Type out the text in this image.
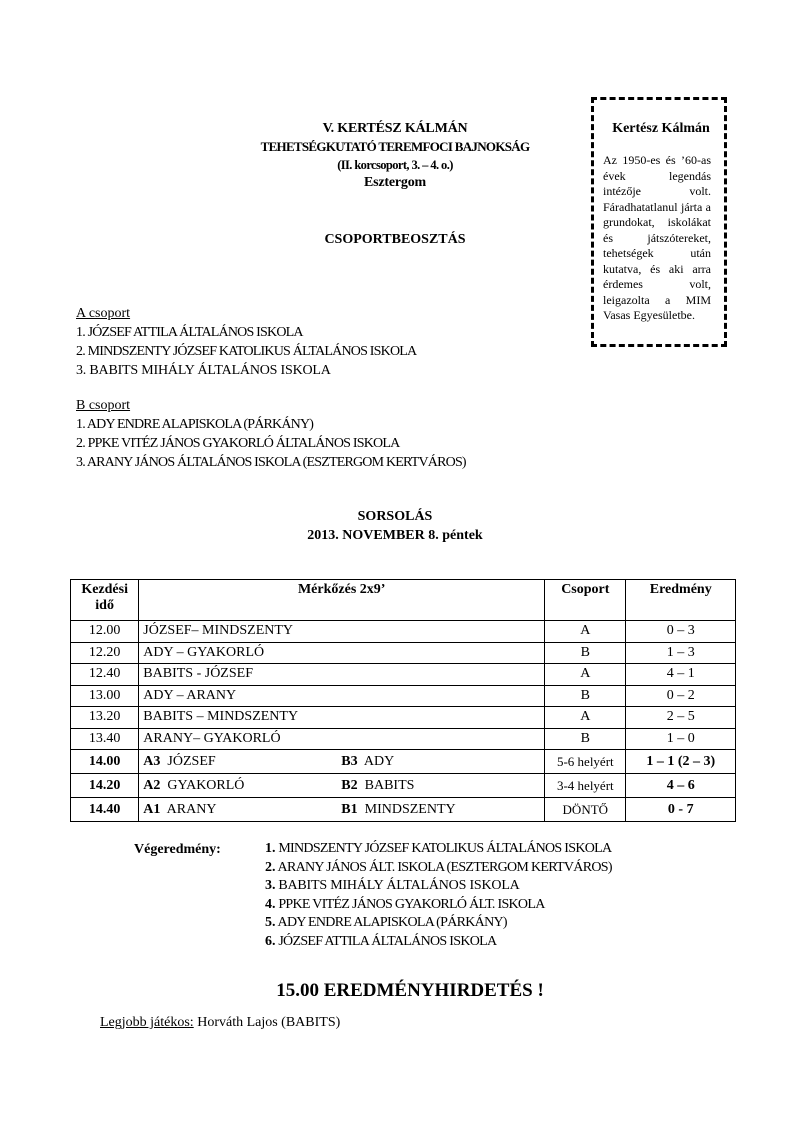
V. KERTÉSZ KÁLMÁN
TEHETSÉGKUTATÓ TEREMFOCI BAJNOKSÁG
(II. korcsoport, 3. – 4. o.)
Esztergom
Kertész Kálmán
Az 1950-es és ’60-as évek legendás intézője volt. Fáradhatatlanul járta a grundokat, iskolákat és játszótereket, tehetségek után kutatva, és aki arra érdemes volt, leigazolta a MIM Vasas Egyesületbe.
CSOPORTBEOSZTÁS
A csoport
1. JÓZSEF ATTILA ÁLTALÁNOS ISKOLA
2. MINDSZENTY JÓZSEF KATOLIKUS ÁLTALÁNOS ISKOLA
3. BABITS MIHÁLY ÁLTALÁNOS ISKOLA
B csoport
1. ADY ENDRE ALAPISKOLA (PÁRKÁNY)
2. PPKE VITÉZ JÁNOS GYAKORLÓ ÁLTALÁNOS ISKOLA
3. ARANY JÁNOS ÁLTALÁNOS ISKOLA (ESZTERGOM KERTVÁROS)
SORSOLÁS
2013. NOVEMBER 8. péntek
Kezdési idő	Mérkőzés 2x9’	Csoport	Eredmény
12.00	JÓZSEF– MINDSZENTY	A	0 – 3
12.20	ADY – GYAKORLÓ	B	1 – 3
12.40	BABITS - JÓZSEF	A	4 – 1
13.00	ADY – ARANY	B	0 – 2
13.20	BABITS – MINDSZENTY	A	2 – 5
13.40	ARANY– GYAKORLÓ	B	1 – 0
14.00	A3 JÓZSEF B3 ADY	5-6 helyért	1 – 1 (2 – 3)
14.20	A2 GYAKORLÓ B2 BABITS	3-4 helyért	4 – 6
14.40	A1 ARANY B1 MINDSZENTY	DÖNTŐ	0 - 7
Végeredmény:	1. MINDSZENTY JÓZSEF KATOLIKUS ÁLTALÁNOS ISKOLA
2. ARANY JÁNOS ÁLT. ISKOLA (ESZTERGOM KERTVÁROS)
3. BABITS MIHÁLY ÁLTALÁNOS ISKOLA
4. PPKE VITÉZ JÁNOS GYAKORLÓ ÁLT. ISKOLA
5. ADY ENDRE ALAPISKOLA (PÁRKÁNY)
6. JÓZSEF ATTILA ÁLTALÁNOS ISKOLA
15.00 EREDMÉNYHIRDETÉS !
Legjobb játékos: Horváth Lajos (BABITS)
